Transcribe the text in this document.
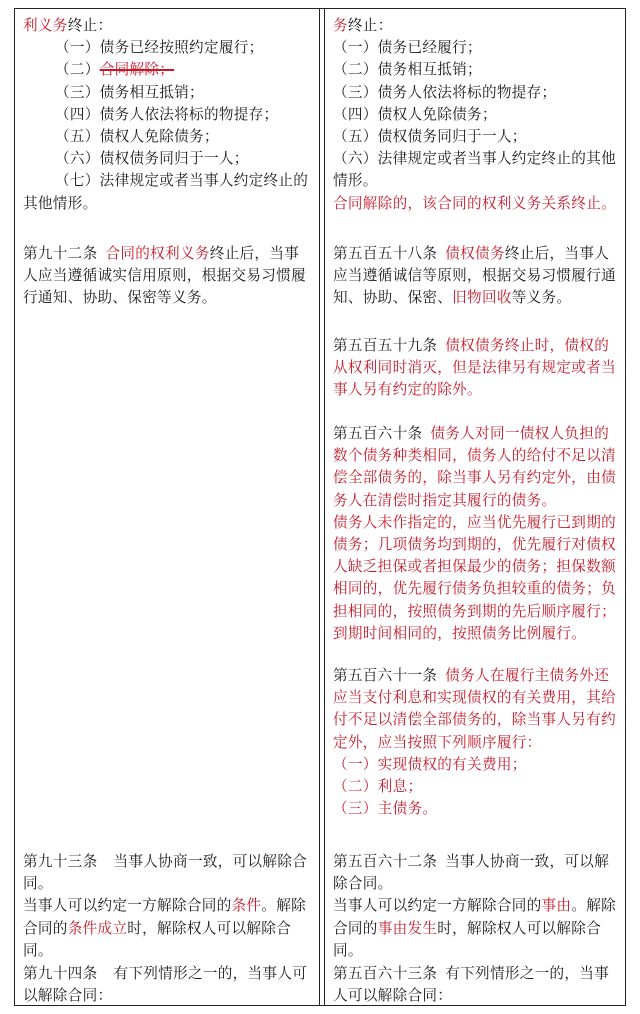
利义务终止：
（一）债务已经按照约定履行；
（二）合同解除；
（三）债务相互抵销；
（四）债务人依法将标的物提存；
（五）债权人免除债务；
（六）债权债务同归于一人；
（七）法律规定或者当事人约定终止的其他情形。
第九十二条 合同的权利义务终止后，当事人应当遵循诚实信用原则，根据交易习惯履行通知、协助、保密等义务。
第九十三条 当事人协商一致，可以解除合同。
当事人可以约定一方解除合同的条件。解除合同的条件成立时，解除权人可以解除合同。
第九十四条 有下列情形之一的，当事人可以解除合同：
务终止：
（一）债务已经履行；
（二）债务相互抵销；
（三）债务人依法将标的物提存；
（四）债权人免除债务；
（五）债权债务同归于一人；
（六）法律规定或者当事人约定终止的其他情形。
合同解除的，该合同的权利义务关系终止。
第五百五十八条 债权债务终止后，当事人应当遵循诚信等原则，根据交易习惯履行通知、协助、保密、旧物回收等义务。
第五百五十九条 债权债务终止时，债权的从权利同时消灭，但是法律另有规定或者当事人另有约定的除外。
第五百六十条 债务人对同一债权人负担的数个债务种类相同，债务人的给付不足以清偿全部债务的，除当事人另有约定外，由债务人在清偿时指定其履行的债务。
债务人未作指定的，应当优先履行已到期的债务；几项债务均到期的，优先履行对债权人缺乏担保或者担保最少的债务；担保数额相同的，优先履行债务负担较重的债务；负担相同的，按照债务到期的先后顺序履行；到期时间相同的，按照债务比例履行。
第五百六十一条 债务人在履行主债务外还应当支付利息和实现债权的有关费用，其给付不足以清偿全部债务的，除当事人另有约定外，应当按照下列顺序履行：
（一）实现债权的有关费用；
（二）利息；
（三）主债务。
第五百六十二条 当事人协商一致，可以解除合同。
当事人可以约定一方解除合同的事由。解除合同的事由发生时，解除权人可以解除合同。
第五百六十三条 有下列情形之一的，当事人可以解除合同：
